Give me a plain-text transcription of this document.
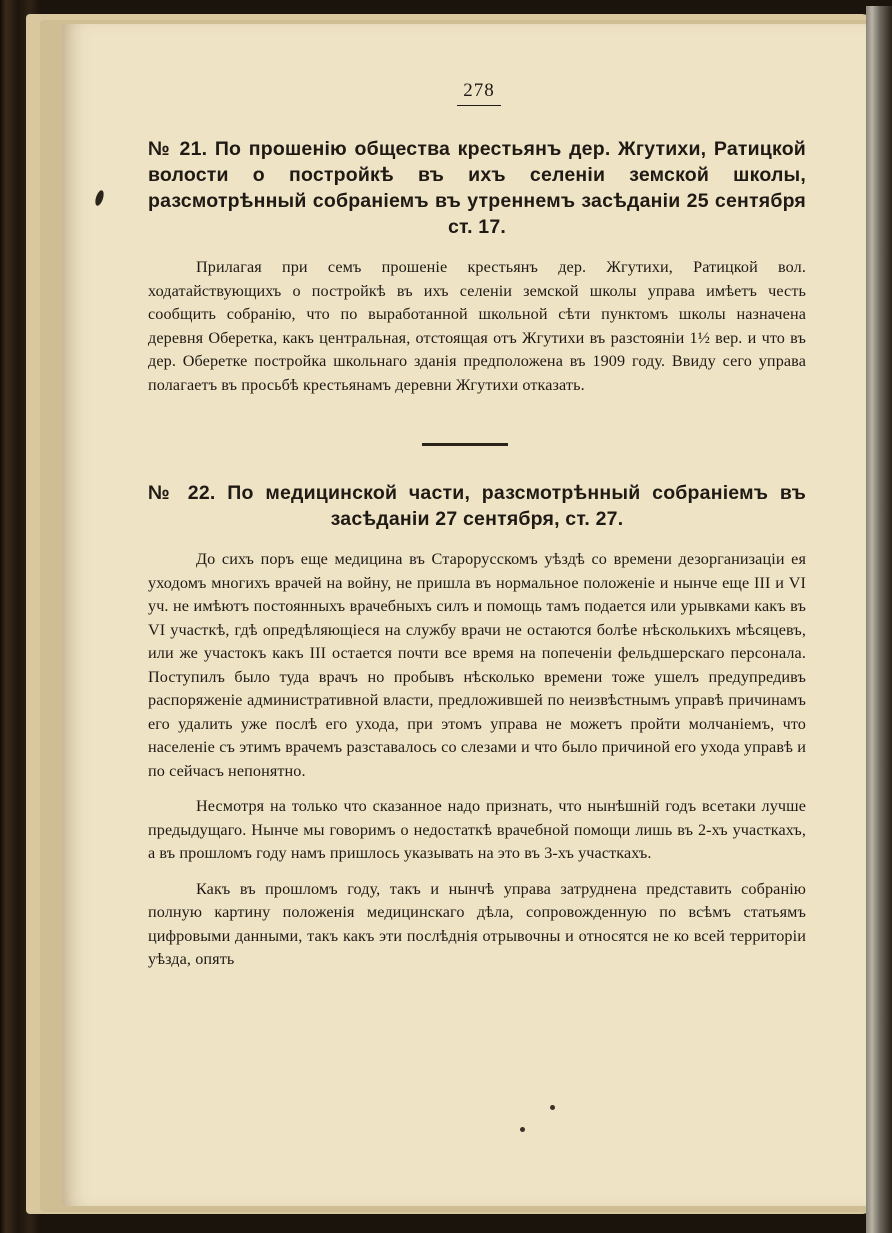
278
№ 21. По прошенію общества крестьянъ дер. Жгутихи, Ратицкой волости о постройкѣ въ ихъ селеніи земской школы, разсмотрѣнный собраніемъ въ утреннемъ засѣданіи 25 сентября ст. 17.
Прилагая при семъ прошеніе крестьянъ дер. Жгутихи, Ратицкой вол. ходатайствующихъ о постройкѣ въ ихъ селеніи земской школы управа имѣетъ честь сообщить собранію, что по выработанной школьной сѣти пунктомъ школы назначена деревня Оберетка, какъ центральная, отстоящая отъ Жгутихи въ разстояніи 1½ вер. и что въ дер. Оберетке постройка школьнаго зданія предположена въ 1909 году. Ввиду сего управа полагаетъ въ просьбѣ крестьянамъ деревни Жгутихи отказать.
№ 22. По медицинской части, разсмотрѣнный собраніемъ въ засѣданіи 27 сентября, ст. 27.
До сихъ поръ еще медицина въ Старорусскомъ уѣздѣ со времени дезорганизаціи ея уходомъ многихъ врачей на войну, не пришла въ нормальное положеніе и нынче еще III и VI уч. не имѣютъ постоянныхъ врачебныхъ силъ и помощь тамъ подается или урывками какъ въ VI участкѣ, гдѣ опредѣляющіеся на службу врачи не остаются болѣе нѣсколькихъ мѣсяцевъ, или же участокъ какъ III остается почти все время на попеченіи фельдшерскаго персонала. Поступилъ было туда врачъ но пробывъ нѣсколько времени тоже ушелъ предупредивъ распоряженіе административной власти, предложившей по неизвѣстнымъ управѣ причинамъ его удалить уже послѣ его ухода, при этомъ управа не можетъ пройти молчаніемъ, что населеніе съ этимъ врачемъ разставалось со слезами и что было причиной его ухода управѣ и по сейчасъ непонятно.
Несмотря на только что сказанное надо признать, что нынѣшній годъ всетаки лучше предыдущаго. Нынче мы говоримъ о недостаткѣ врачебной помощи лишь въ 2-хъ участкахъ, а въ прошломъ году намъ пришлось указывать на это въ 3-хъ участкахъ.
Какъ въ прошломъ году, такъ и нынчѣ управа затруднена представить собранію полную картину положенія медицинскаго дѣла, сопровожденную по всѣмъ статьямъ цифровыми данными, такъ какъ эти послѣднія отрывочны и относятся не ко всей территоріи уѣзда, опять
